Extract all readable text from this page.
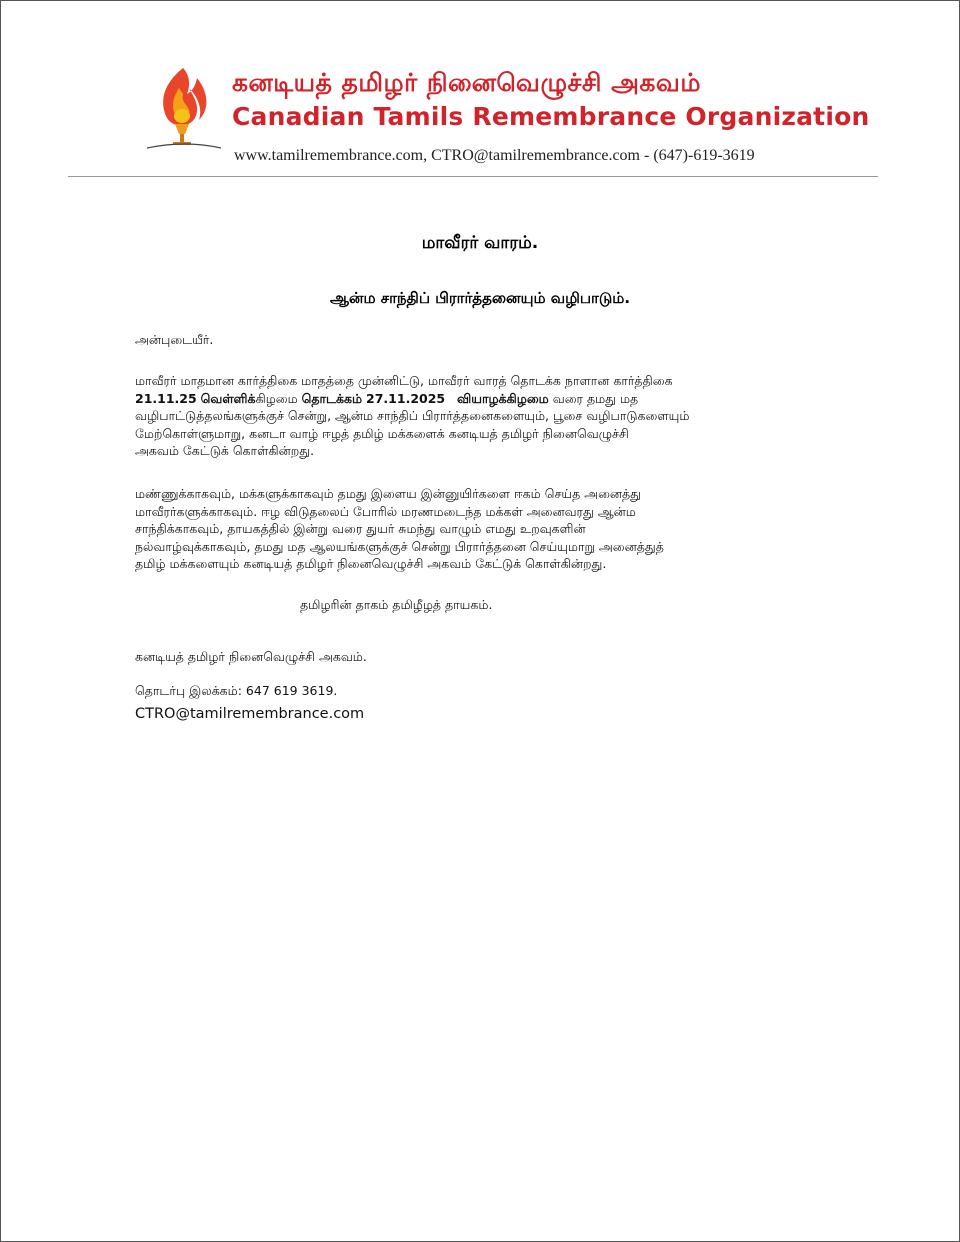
கனடியத் தமிழர் நினைவெழுச்சி அகவம்
Canadian Tamils Remembrance Organization
www.tamilremembrance.com, CTRO@tamilremembrance.com - (647)-619-3619
மாவீரர் வாரம்.
ஆன்ம சாந்திப் பிரார்த்தனையும் வழிபாடும்.
அன்புடையீர்.
மாவீரர் மாதமான கார்த்திகை மாதத்தை முன்னிட்டு, மாவீரர் வாரத் தொடக்க நாளான கார்த்திகை
21.11.25 வெள்ளிக்கிழமை தொடக்கம் 27.11.2025 வியாழக்கிழமை வரை தமது மத
வழிபாட்டுத்தலங்களுக்குச் சென்று, ஆன்ம சாந்திப் பிரார்த்தனைகளையும், பூசை வழிபாடுகளையும்
மேற்கொள்ளுமாறு, கனடா வாழ் ஈழத் தமிழ் மக்களைக் கனடியத் தமிழர் நினைவெழுச்சி
அகவம் கேட்டுக் கொள்கின்றது.
மண்ணுக்காகவும், மக்களுக்காகவும் தமது இளைய இன்னுயிர்களை ஈகம் செய்த அனைத்து
மாவீரர்களுக்காகவும். ஈழ விடுதலைப் போரில் மரணமடைந்த மக்கள் அனைவரது ஆன்ம
சாந்திக்காகவும், தாயகத்தில் இன்று வரை துயர் சுமந்து வாழும் எமது உறவுகளின்
நல்வாழ்வுக்காகவும், தமது மத ஆலயங்களுக்குச் சென்று பிரார்த்தனை செய்யுமாறு அனைத்துத்
தமிழ் மக்களையும் கனடியத் தமிழர் நினைவெழுச்சி அகவம் கேட்டுக் கொள்கின்றது.
தமிழரின் தாகம் தமிழீழத் தாயகம்.
கனடியத் தமிழர் நினைவெழுச்சி அகவம்.
தொடர்பு இலக்கம்: 647 619 3619.
CTRO@tamilremembrance.com
